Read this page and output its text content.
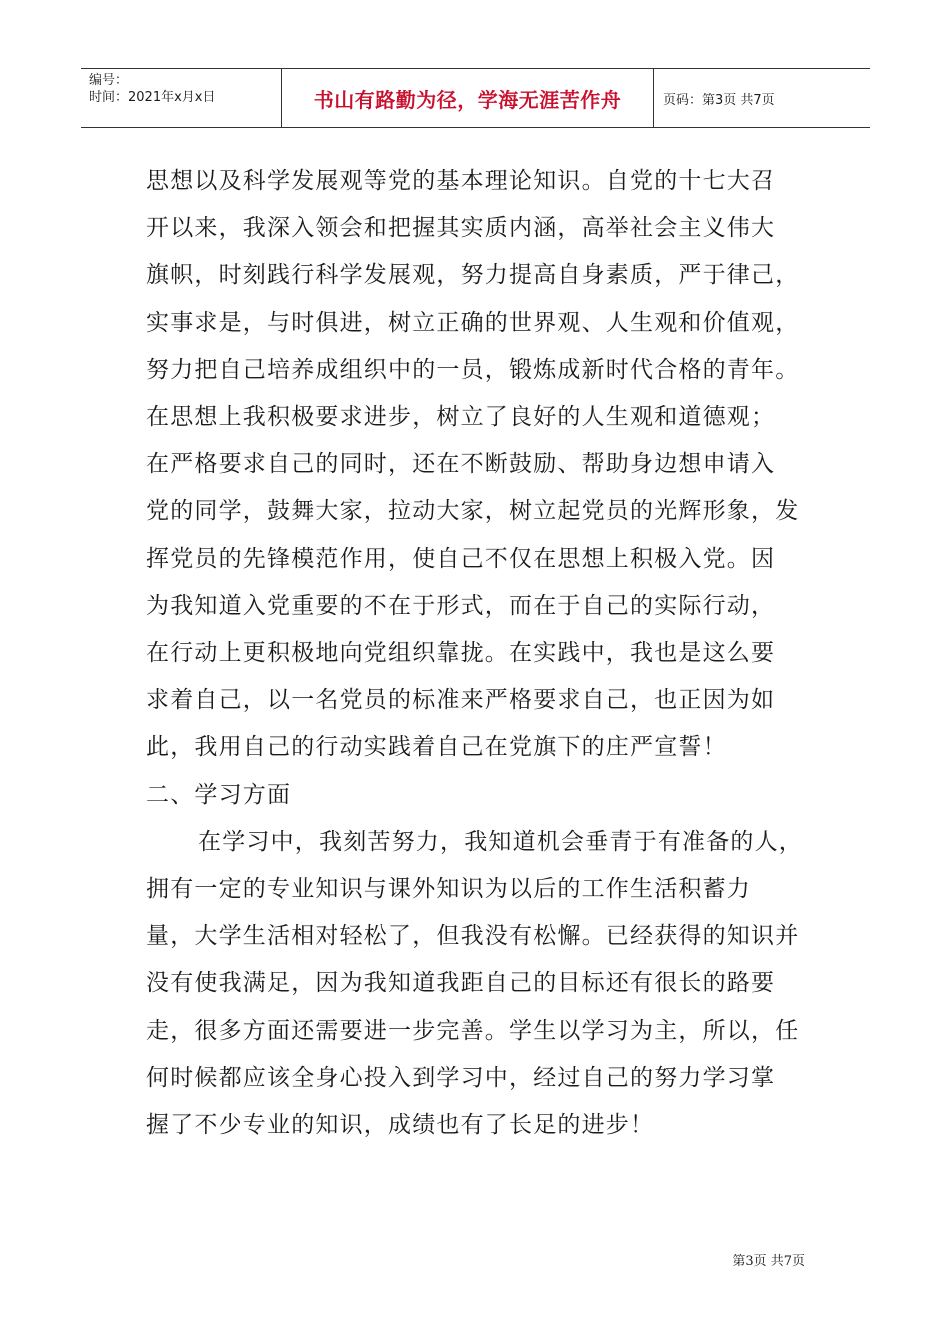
编号：
时间：2021年x月x日	书山有路勤为径，学海无涯苦作舟	页码：第3页 共7页

思想以及科学发展观等党的基本理论知识。自党的十七大召

开以来，我深入领会和把握其实质内涵，高举社会主义伟大

旗帜，时刻践行科学发展观，努力提高自身素质，严于律己，

实事求是，与时俱进，树立正确的世界观、人生观和价值观，

努力把自己培养成组织中的一员，锻炼成新时代合格的青年。

在思想上我积极要求进步，树立了良好的人生观和道德观；

在严格要求自己的同时，还在不断鼓励、帮助身边想申请入

党的同学，鼓舞大家，拉动大家，树立起党员的光辉形象，发

挥党员的先锋模范作用，使自己不仅在思想上积极入党。因

为我知道入党重要的不在于形式，而在于自己的实际行动，

在行动上更积极地向党组织靠拢。在实践中，我也是这么要

求着自己，以一名党员的标准来严格要求自己，也正因为如

此，我用自己的行动实践着自己在党旗下的庄严宣誓！

二、学习方面

在学习中，我刻苦努力，我知道机会垂青于有准备的人，

拥有一定的专业知识与课外知识为以后的工作生活积蓄力

量，大学生活相对轻松了，但我没有松懈。已经获得的知识并

没有使我满足，因为我知道我距自己的目标还有很长的路要

走，很多方面还需要进一步完善。学生以学习为主，所以，任

何时候都应该全身心投入到学习中，经过自己的努力学习掌

握了不少专业的知识，成绩也有了长足的进步！

第3页 共7页
